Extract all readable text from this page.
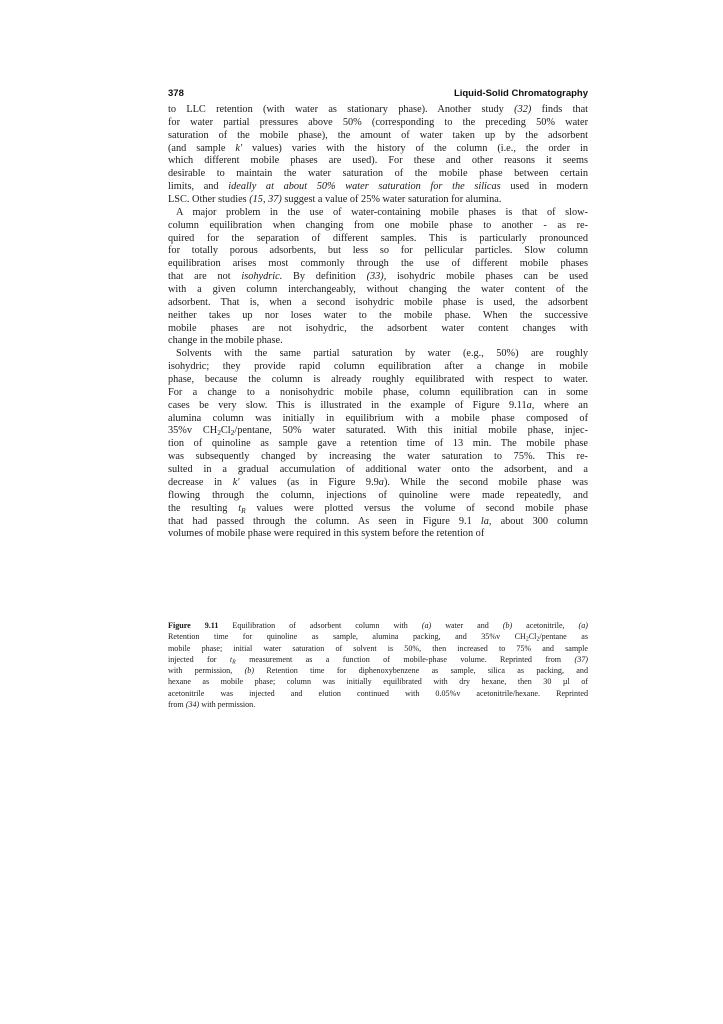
378	Liquid-Solid Chromatography

to LLC retention (with water as stationary phase). Another study (32) finds that
for water partial pressures above 50% (corresponding to the preceding 50% water
saturation of the mobile phase), the amount of water taken up by the adsorbent
(and sample k' values) varies with the history of the column (i.e., the order in
which different mobile phases are used). For these and other reasons it seems
desirable to maintain the water saturation of the mobile phase between certain
limits, and ideally at about 50% water saturation for the silicas used in modern
LSC. Other studies (15, 37) suggest a value of 25% water saturation for alumina.

A major problem in the use of water-containing mobile phases is that of slow-
column equilibration when changing from one mobile phase to another - as re-
quired for the separation of different samples. This is particularly pronounced
for totally porous adsorbents, but less so for pellicular particles. Slow column
equilibration arises most commonly through the use of different mobile phases
that are not isohydric. By definition (33), isohydric mobile phases can be used
with a given column interchangeably, without changing the water content of the
adsorbent. That is, when a second isohydric mobile phase is used, the adsorbent
neither takes up nor loses water to the mobile phase. When the successive
mobile phases are not isohydric, the adsorbent water content changes with
change in the mobile phase.

Solvents with the same partial saturation by water (e.g., 50%) are roughly
isohydric; they provide rapid column equilibration after a change in mobile
phase, because the column is already roughly equilibrated with respect to water.
For a change to a nonisohydric mobile phase, column equilibration can in some
cases be very slow. This is illustrated in the example of Figure 9.11a, where an
alumina column was initially in equilibrium with a mobile phase composed of
35%v $CH_2Cl_2$/pentane, 50% water saturated. With this initial mobile phase, injec-
tion of quinoline as sample gave a retention time of 13 min. The mobile phase
was subsequently changed by increasing the water saturation to 75%. This re-
sulted in a gradual accumulation of additional water onto the adsorbent, and a
decrease in k' values (as in Figure 9.9a). While the second mobile phase was
flowing through the column, injections of quinoline were made repeatedly, and
the resulting $t_R$ values were plotted versus the volume of second mobile phase
that had passed through the column. As seen in Figure 9.1 la, about 300 column
volumes of mobile phase were required in this system before the retention of

Figure 9.11 Equilibration of adsorbent column with (a) water and (b) acetonitrile, (a)
Retention time for quinoline as sample, alumina packing, and 35%v $CH_2Cl_2$/pentane as
mobile phase; initial water saturation of solvent is 50%, then increased to 75% and sample
injected for $t_R$ measurement as a function of mobile-phase volume. Reprinted from (37)
with permission, (b) Retention time for diphenoxybenzene as sample, silica as packing, and
hexane as mobile phase; column was initially equilibrated with dry hexane, then 30 µl of
acetonitrile was injected and elution continued with 0.05%v acetonitrile/hexane. Reprinted
from (34) with permission.
